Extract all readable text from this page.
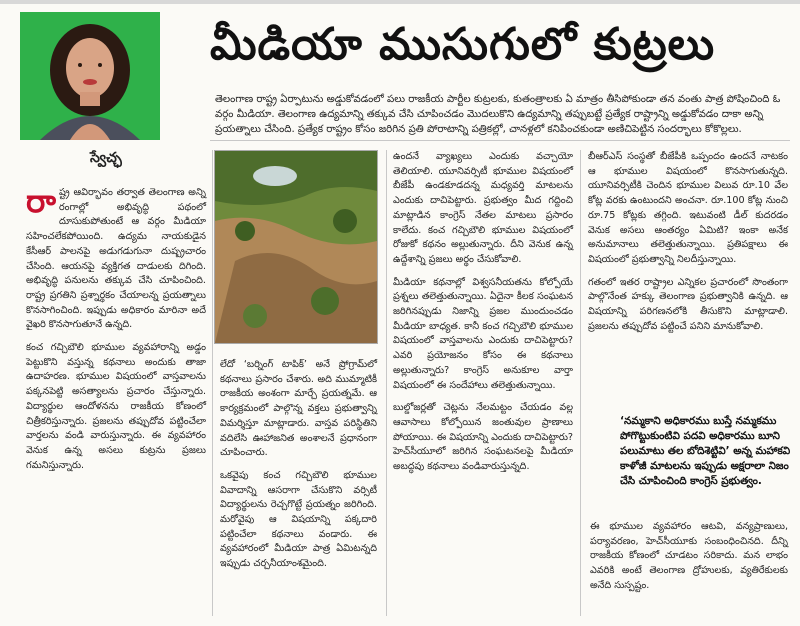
స్వేచ్ఛ
మీడియా ముసుగులో కుట్రలు

తెలంగాణ రాష్ట్ర ఏర్పాటును అడ్డుకోవడంలో పలు రాజకీయ పార్టీల కుట్రలకు, కుతంత్రాలకు ఏ మాత్రం తీసిపోకుండా తన వంతు పాత్ర పోషించింది ఓ వర్గం మీడియా. తెలంగాణ ఉద్యమాన్ని తక్కువ చేసి చూపించడం మొదలుకొని ఉద్యమాన్ని తప్పుబట్టే ప్రత్యేక రాష్ట్రాన్ని అడ్డుకోవడం దాకా అన్ని ప్రయత్నాలు చేసింది. ప్రత్యేక రాష్ట్రం కోసం జరిగిన ప్రతి పోరాటాన్ని పత్రికల్లో, చానళ్లలో కనిపించకుండా అణిచిపెట్టిన సందర్భాలు కోకొల్లలు.

రాష్ట్ర ఆవిర్భావం తర్వాత తెలంగాణ అన్ని రంగాల్లో అభివృద్ధి పథంలో దూసుకుపోతుంటే ఆ వర్గం మీడియా సహించలేకపోయింది. ఉద్యమ నాయకుడైన కేసీఆర్ పాలనపై అడుగడుగునా దుష్ప్రచారం చేసింది. ఆయనపై వ్యక్తిగత దాడులకు దిగింది. అభివృద్ధి పనులను తక్కువ చేసి చూపించింది. రాష్ట్ర ప్రగతిని ప్రశ్నార్థకం చేయాలన్న ప్రయత్నాలు కొనసాగించింది. ఇప్పుడు అధికారం మారినా అదే వైఖరి కొనసాగుతూనే ఉన్నది.

కంచ గచ్చిబౌలి భూముల వ్యవహారాన్ని అడ్డం పెట్టుకొని వస్తున్న కథనాలు అందుకు తాజా ఉదాహరణ. భూముల విషయంలో వాస్తవాలను పక్కనపెట్టి అసత్యాలను ప్రచారం చేస్తున్నారు. విద్యార్థుల ఆందోళనను రాజకీయ కోణంలో చిత్రీకరిస్తున్నారు. ప్రజలను తప్పుదోవ పట్టించేలా వార్తలను వండి వారుస్తున్నారు. ఈ వ్యవహారం వెనుక ఉన్న అసలు కుట్రను ప్రజలు గమనిస్తున్నారు.

లేదో ‘బర్నింగ్ టాపిక్’ అనే ప్రోగ్రామ్‌లో కథనాలు ప్రసారం చేశారు. అది ముమ్మాటికీ రాజకీయ అంశంగా మార్చే ప్రయత్నమే. ఆ కార్యక్రమంలో పాల్గొన్న వక్తలు ప్రభుత్వాన్ని విమర్శిస్తూ మాట్లాడారు. వాస్తవ పరిస్థితిని వదిలేసి ఊహాజనిత అంశాలనే ప్రధానంగా చూపించారు.

ఒకవైపు కంచ గచ్చిబౌలి భూముల వివాదాన్ని ఆసరాగా చేసుకొని వర్సిటీ విద్యార్థులను రెచ్చగొట్టే ప్రయత్నం జరిగింది. మరోవైపు ఆ విషయాన్ని పక్కదారి పట్టించేలా కథనాలు వండారు. ఈ వ్యవహారంలో మీడియా పాత్ర ఏమిటన్నది ఇప్పుడు చర్చనీయాంశమైంది.

ఉందనే వ్యాఖ్యలు ఎందుకు వచ్చాయో తెలియాలి. యూనివర్సిటీ భూముల విషయంలో బీజేపీ ఉండకూడదన్న మధ్యవర్తి మాటలను ఎందుకు దాచిపెట్టారు. ప్రభుత్వం మీద గద్దించి మాట్లాడిన కాంగ్రెస్ నేతల మాటలు ప్రసారం కాలేదు. కంచ గచ్చిబౌలి భూముల విషయంలో రోజుకో కథనం అల్లుతున్నారు. దీని వెనుక ఉన్న ఉద్దేశాన్ని ప్రజలు అర్థం చేసుకోవాలి.

మీడియా కథనాల్లో విశ్వసనీయతను కోల్పోయే ప్రశ్నలు తలెత్తుతున్నాయి. ఏదైనా కీలక సంఘటన జరిగినప్పుడు నిజాన్ని ప్రజల ముందుంచడం మీడియా బాధ్యత. కానీ కంచ గచ్చిబౌలి భూముల విషయంలో వాస్తవాలను ఎందుకు దాచిపెట్టారు? ఎవరి ప్రయోజనం కోసం ఈ కథనాలు అల్లుతున్నారు? కాంగ్రెస్ అనుకూల వార్తా విషయంలో ఈ సందేహాలు తలెత్తుతున్నాయి.

బుల్డోజర్లతో చెట్లను నేలమట్టం చేయడం వల్ల ఆవాసాలు కోల్పోయిన జంతువుల ప్రాణాలు పోయాయి. ఈ విషయాన్ని ఎందుకు దాచిపెట్టారు? హెచ్‌సీయూలో జరిగిన సంఘటనలపై మీడియా అబద్ధపు కథనాలు వండివారుస్తున్నది.

బీఆర్ఎస్ సంస్థతో బీజేపీకి ఒప్పందం ఉందనే నాటకం ఆ భూముల విషయంలో కొనసాగుతున్నది. యూనివర్సిటీకి చెందిన భూముల విలువ రూ.10 వేల కోట్ల వరకు ఉంటుందని అంచనా. రూ.100 కోట్ల నుంచి రూ.75 కోట్లకు తగ్గింది. ఇటువంటి డీల్ కుదరడం వెనుక అసలు ఆంతర్యం ఏమిటి? ఇంకా అనేక అనుమానాలు తలెత్తుతున్నాయి. ప్రతిపక్షాలు ఈ విషయంలో ప్రభుత్వాన్ని నిలదీస్తున్నాయి.

గతంలో ఇతర రాష్ట్రాల ఎన్నికల ప్రచారంలో సొంతంగా పాల్గొనేంత హక్కు తెలంగాణ ప్రభుత్వానికి ఉన్నది. ఆ విషయాన్ని పరిగణనలోకి తీసుకొని మాట్లాడాలి. ప్రజలను తప్పుదోవ పట్టించే పనిని మానుకోవాలి.

‘నమ్మకాని అధికారము బుస్తే నమ్మకము పోగొట్టుకుంటివి పదవి అధికారము బూని పలుమాటు తల బోదిశెట్టివి’ అన్న మహాకవి కాళోజీ మాటలను ఇప్పుడు అక్షరాలా నిజం చేసి చూపించింది కాంగ్రెస్ ప్రభుత్వం.

ఈ భూముల వ్యవహారం ఆటవి, వన్యప్రాణులు, పర్యావరణం, హెచ్‌సీయూకు సంబంధించినది. దీన్ని రాజకీయ కోణంలో చూడటం సరికాదు. మన లాభం ఎవరికి అంటే తెలంగాణ ద్రోహులకు, వ్యతిరేకులకు అనేది సుస్పష్టం.
